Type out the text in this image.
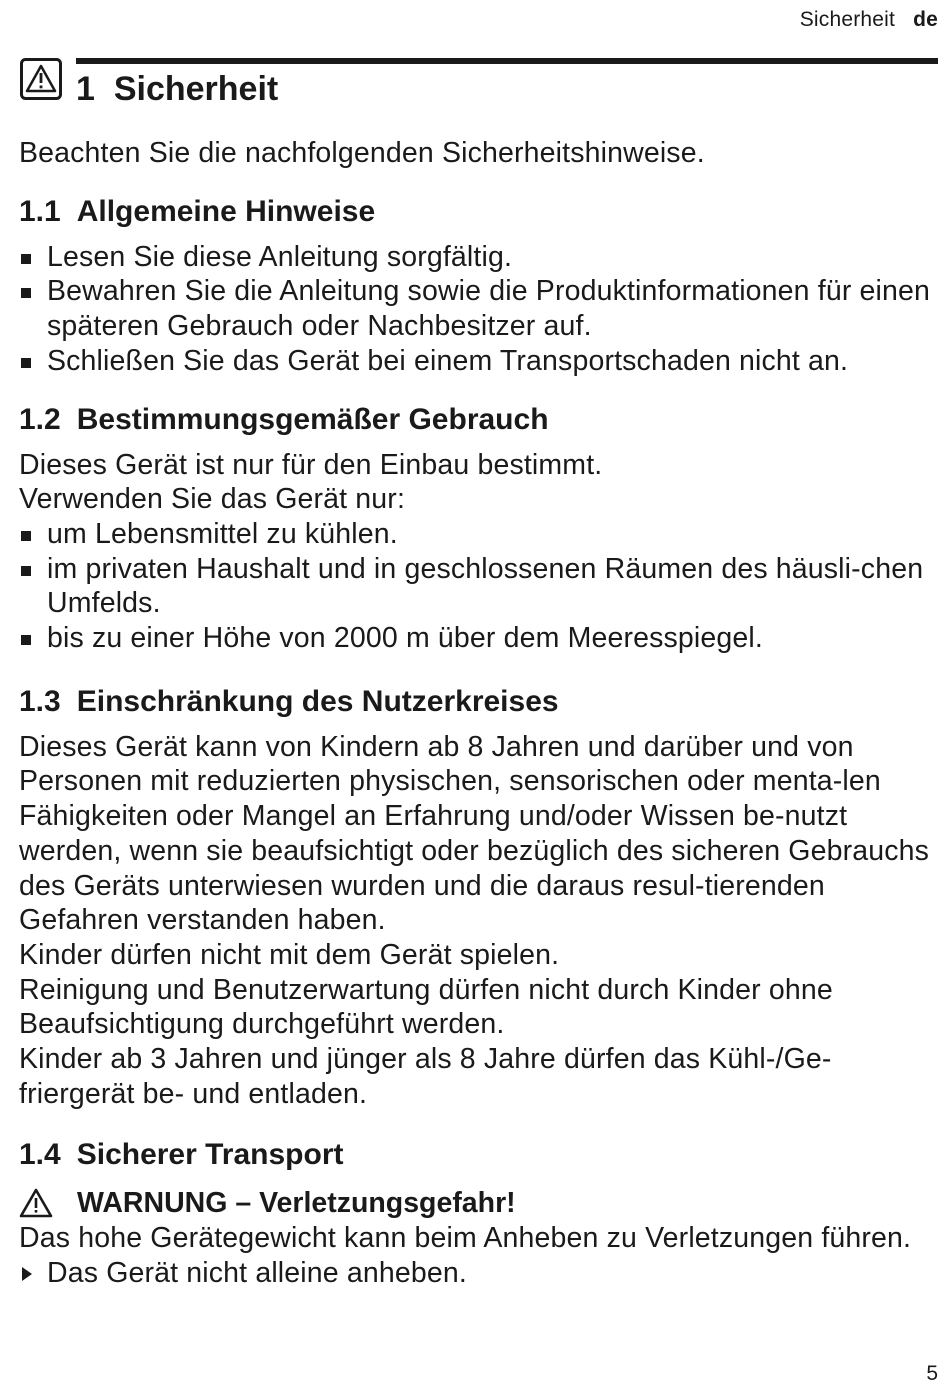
Sicherheit de
1 Sicherheit

Beachten Sie die nachfolgenden Sicherheitshinweise.

1.1 Allgemeine Hinweise
Lesen Sie diese Anleitung sorgfältig.
Bewahren Sie die Anleitung sowie die Produktinformationen für einen späteren Gebrauch oder Nachbesitzer auf.
Schließen Sie das Gerät bei einem Transportschaden nicht an.
1.2 Bestimmungsgemäßer Gebrauch

Dieses Gerät ist nur für den Einbau bestimmt.

Verwenden Sie das Gerät nur:

um Lebensmittel zu kühlen.
im privaten Haushalt und in geschlossenen Räumen des häusli-chen Umfelds.
bis zu einer Höhe von 2000 m über dem Meeresspiegel.
1.3 Einschränkung des Nutzerkreises

Dieses Gerät kann von Kindern ab 8 Jahren und darüber und von Personen mit reduzierten physischen, sensorischen oder menta-len Fähigkeiten oder Mangel an Erfahrung und/oder Wissen be-nutzt werden, wenn sie beaufsichtigt oder bezüglich des sicheren Gebrauchs des Geräts unterwiesen wurden und die daraus resul-tierenden Gefahren verstanden haben.

Kinder dürfen nicht mit dem Gerät spielen.

Reinigung und Benutzerwartung dürfen nicht durch Kinder ohne Beaufsichtigung durchgeführt werden.

Kinder ab 3 Jahren und jünger als 8 Jahre dürfen das Kühl-/Ge-friergerät be- und entladen.

1.4 Sicherer Transport
WARNUNG – Verletzungsgefahr!

Das hohe Gerätegewicht kann beim Anheben zu Verletzungen führen.

Das Gerät nicht alleine anheben.
5
